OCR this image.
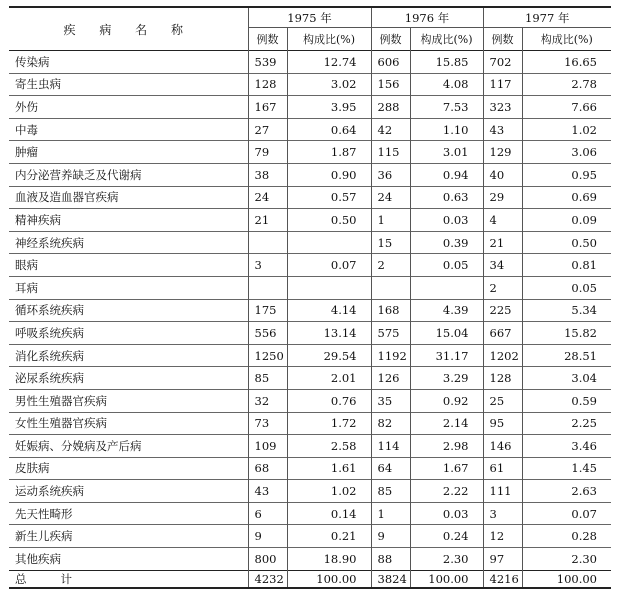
疾 病 名 称	1975 年		1976 年		1977 年	
	例数	构成比(%)	例数	构成比(%)	例数	构成比(%)
传染病	539	12.74	606	15.85	702	16.65
寄生虫病	128	3.02	156	4.08	117	2.78
外伤	167	3.95	288	7.53	323	7.66
中毒	27	0.64	42	1.10	43	1.02
肿瘤	79	1.87	115	3.01	129	3.06
内分泌营养缺乏及代谢病	38	0.90	36	0.94	40	0.95
血液及造血器官疾病	24	0.57	24	0.63	29	0.69
精神疾病	21	0.50	1	0.03	4	0.09
神经系统疾病			15	0.39	21	0.50
眼病	3	0.07	2	0.05	34	0.81
耳病					2	0.05
循环系统疾病	175	4.14	168	4.39	225	5.34
呼吸系统疾病	556	13.14	575	15.04	667	15.82
消化系统疾病	1250	29.54	1192	31.17	1202	28.51
泌尿系统疾病	85	2.01	126	3.29	128	3.04
男性生殖器官疾病	32	0.76	35	0.92	25	0.59
女性生殖器官疾病	73	1.72	82	2.14	95	2.25
妊娠病、分娩病及产后病	109	2.58	114	2.98	146	3.46
皮肤病	68	1.61	64	1.67	61	1.45
运动系统疾病	43	1.02	85	2.22	111	2.63
先天性畸形	6	0.14	1	0.03	3	0.07
新生儿疾病	9	0.21	9	0.24	12	0.28
其他疾病	800	18.90	88	2.30	97	2.30
总 计	4232	100.00	3824	100.00	4216	100.00
